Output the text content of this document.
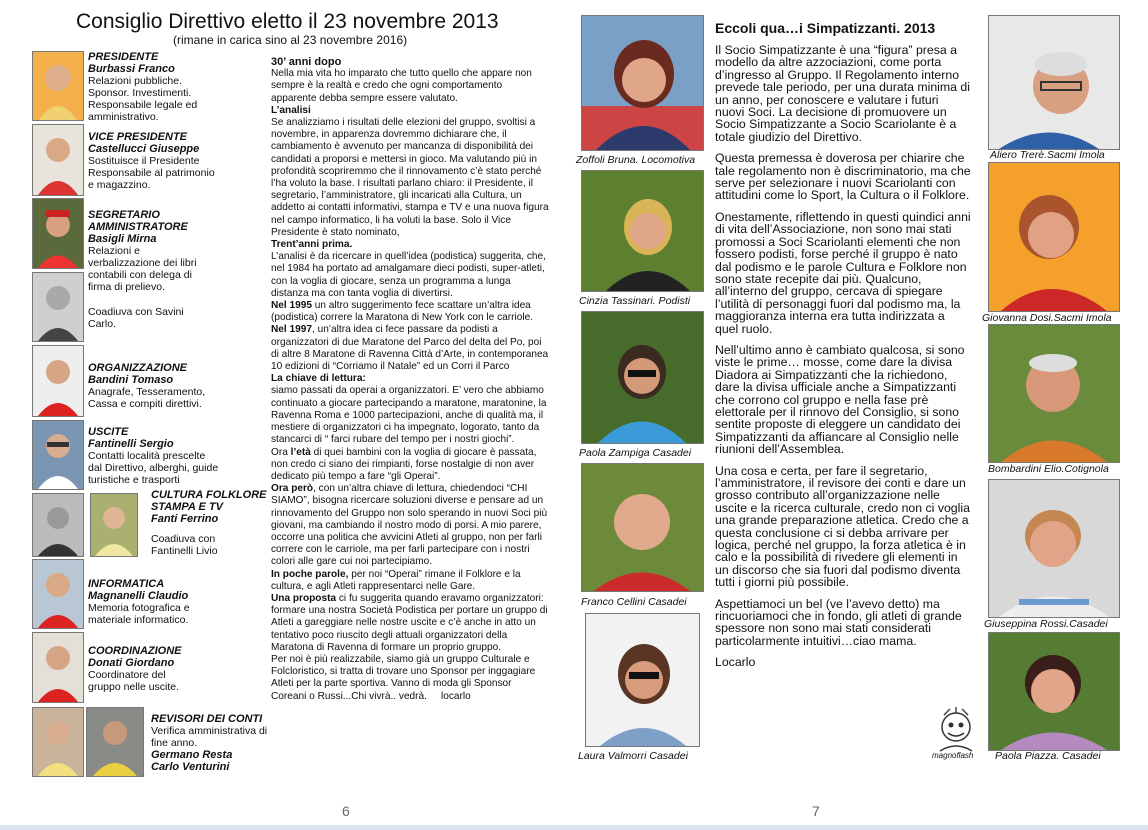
Consiglio Direttivo eletto il 23 novembre 2013
(rimane in carica sino al 23 novembre 2016)
PRESIDENTE
Burbassi Franco
Relazioni pubbliche. Sponsor. Investimenti. Responsabile legale ed amministrativo.
VICE PRESIDENTE
Castellucci Giuseppe
Sostituisce il Presidente Responsabile al patrimonio e magazzino.
SEGRETARIO AMMINISTRATORE
Basigli Mirna
Relazioni e verbalizzazione dei libri contabili con delega di firma di prelievo.
Coadiuva con Savini Carlo.
ORGANIZZAZIONE
Bandini Tomaso
Anagrafe, Tesseramento, Cassa e compiti direttivi.
USCITE
Fantinelli Sergio
Contatti località prescelte dal Direttivo, alberghi, guide turistiche e trasporti
CULTURA FOLKLORE STAMPA E TV
Fanti Ferrino
Coadiuva con Fantinelli Livio
INFORMATICA
Magnanelli Claudio
Memoria fotografica e materiale informatico.
COORDINAZIONE
Donati Giordano
Coordinatore del gruppo nelle uscite.
REVISORI DEI CONTI
Verifica amministrativa di fine anno.
Germano Resta
Carlo Venturini

30’ anni dopo

Nella mia vita ho imparato che tutto quello che appare non sempre è la realtà e credo che ogni comportamento apparente debba sempre essere valutato.

L’analisi

Se analizziamo i risultati delle elezioni del gruppo, svoltisi a novembre, in apparenza dovremmo dichiarare che, il cambiamento è avvenuto per mancanza di disponibilità dei candidati a proporsi e mettersi in gioco. Ma valutando più in profondità scopriremmo che il rinnovamento c’è stato perché l’ha voluto la base. I risultati parlano chiaro: il Presidente, il segretario, l’amministratore, gli incaricati alla Cultura, un addetto ai contatti informativi, stampa e TV e una nuova figura nel campo informatico, li ha voluti la base. Solo il Vice Presidente è stato nominato,

Trent’anni prima.

L’analisi è da ricercare in quell’idea (podistica) suggerita, che, nel 1984 ha portato ad amalgamare dieci podisti, super-atleti, con la voglia di giocare, senza un programma a lunga distanza ma con tanta voglia di divertirsi.

Nel 1995 un altro suggerimento fece scattare un’altra idea (podistica) correre la Maratona di New York con le carriole.

Nel 1997, un’altra idea ci fece passare da podisti a organizzatori di due Maratone del Parco del delta del Po, poi di altre 8 Maratone di Ravenna Città d’Arte, in contemporanea 10 edizioni di “Corriamo il Natale” ed un Corri il Parco

La chiave di lettura:

siamo passati da operai a organizzatori. E’ vero che abbiamo continuato a giocare partecipando a maratone, maratonine, la Ravenna Roma e 1000 partecipazioni, anche di qualità ma, il mestiere di organizzatori ci ha impegnato, logorato, tanto da stancarci di “ farci rubare del tempo per i nostri giochi”.

Ora l’età di quei bambini con la voglia di giocare è passata, non credo ci siano dei rimpianti, forse nostalgie di non aver dedicato più tempo a fare “gli Operai”.

Ora però, con un’altra chiave di lettura, chiedendoci “CHI SIAMO”, bisogna ricercare soluzioni diverse e pensare ad un rinnovamento del Gruppo non solo sperando in nuovi Soci più giovani, ma cambiando il nostro modo di porsi. A mio parere, occorre una politica che avvicini Atleti al gruppo, non per farli correre con le carriole, ma per farli partecipare con i nostri colori alle gare cui noi partecipiamo.

In poche parole, per noi “Operai” rimane il Folklore e la cultura, e agli Atleti rappresentarci nelle Gare.

Una proposta ci fu suggerita quando eravamo organizzatori: formare una nostra Società Podistica per portare un gruppo di Atleti a gareggiare nelle nostre uscite e c’è anche in atto un tentativo poco riuscito degli attuali organizzatori della Maratona di Ravenna di formare un proprio gruppo.

Per noi è più realizzabile, siamo già un gruppo Culturale e Folcloristico, si tratta di trovare uno Sponsor per inggagiare Atleti per la parte sportiva. Vanno di moda gli Sponsor Coreani o Russi...Chi vivrà.. vedrà. locarlo

6
Zoffoli Bruna. Locomotiva
Cinzia Tassinari. Podisti
Paola Zampiga Casadei
Franco Cellini Casadei
Laura Valmorri Casadei
Eccoli qua…i Simpatizzanti. 2013

Il Socio Simpatizzante è una “figura” presa a modello da altre azzociazioni, come porta d’ingresso al Gruppo. Il Regolamento interno prevede tale periodo, per una durata minima di un anno, per conoscere e valutare i futuri nuovi Soci. La decisione di promuovere un Socio Simpatizzante a Socio Scariolante è a totale giudizio del Direttivo.

Questa premessa è doverosa per chiarire che tale regolamento non è discriminatorio, ma che serve per selezionare i nuovi Scariolanti con attitudini come lo Sport, la Cultura o il Folklore.

Onestamente, riflettendo in questi quindici anni di vita dell’Associazione, non sono mai stati promossi a Soci Scariolanti elementi che non fossero podisti, forse perché il gruppo è nato dal podismo e le parole Cultura e Folklore non sono state recepite dai più. Qualcuno, all’interno del gruppo, cercava di spiegare l’utilità di personaggi fuori dal podismo ma, la maggioranza interna era tutta indirizzata a quel ruolo.

Nell’ultimo anno è cambiato qualcosa, si sono viste le prime… mosse, come dare la divisa Diadora ai Simpatizzanti che la richiedono, dare la divisa ufficiale anche a Simpatizzanti che corrono col gruppo e nella fase prè elettorale per il rinnovo del Consiglio, si sono sentite proposte di eleggere un candidato dei Simpatizzanti da affiancare al Consiglio nelle riunioni dell’Assemblea.

Una cosa e certa, per fare il segretario, l’amministratore, il revisore dei conti e dare un grosso contributo all’organizzazione nelle uscite e la ricerca culturale, credo non ci voglia una grande preparazione atletica. Credo che a questa conclusione ci si debba arrivare per logica, perché nel gruppo, la forza atletica è in calo e la possibilità di rivedere gli elementi in un discorso che sia fuori dal podismo diventa tutti i giorni più possibile.

Aspettiamoci un bel (ve l’avevo detto) ma rincuoriamoci che in fondo, gli atleti di grande spessore non sono mai stati considerati particolarmente intuitivi…ciao mama.

Locarlo

magnoflash
Aliero Trerè.Sacmi Imola
Giovanna Dosi.Sacmi Imola
Bombardini Elio.Cotignola
Giuseppina Rossi.Casadei
Paola Piazza. Casadei
7
